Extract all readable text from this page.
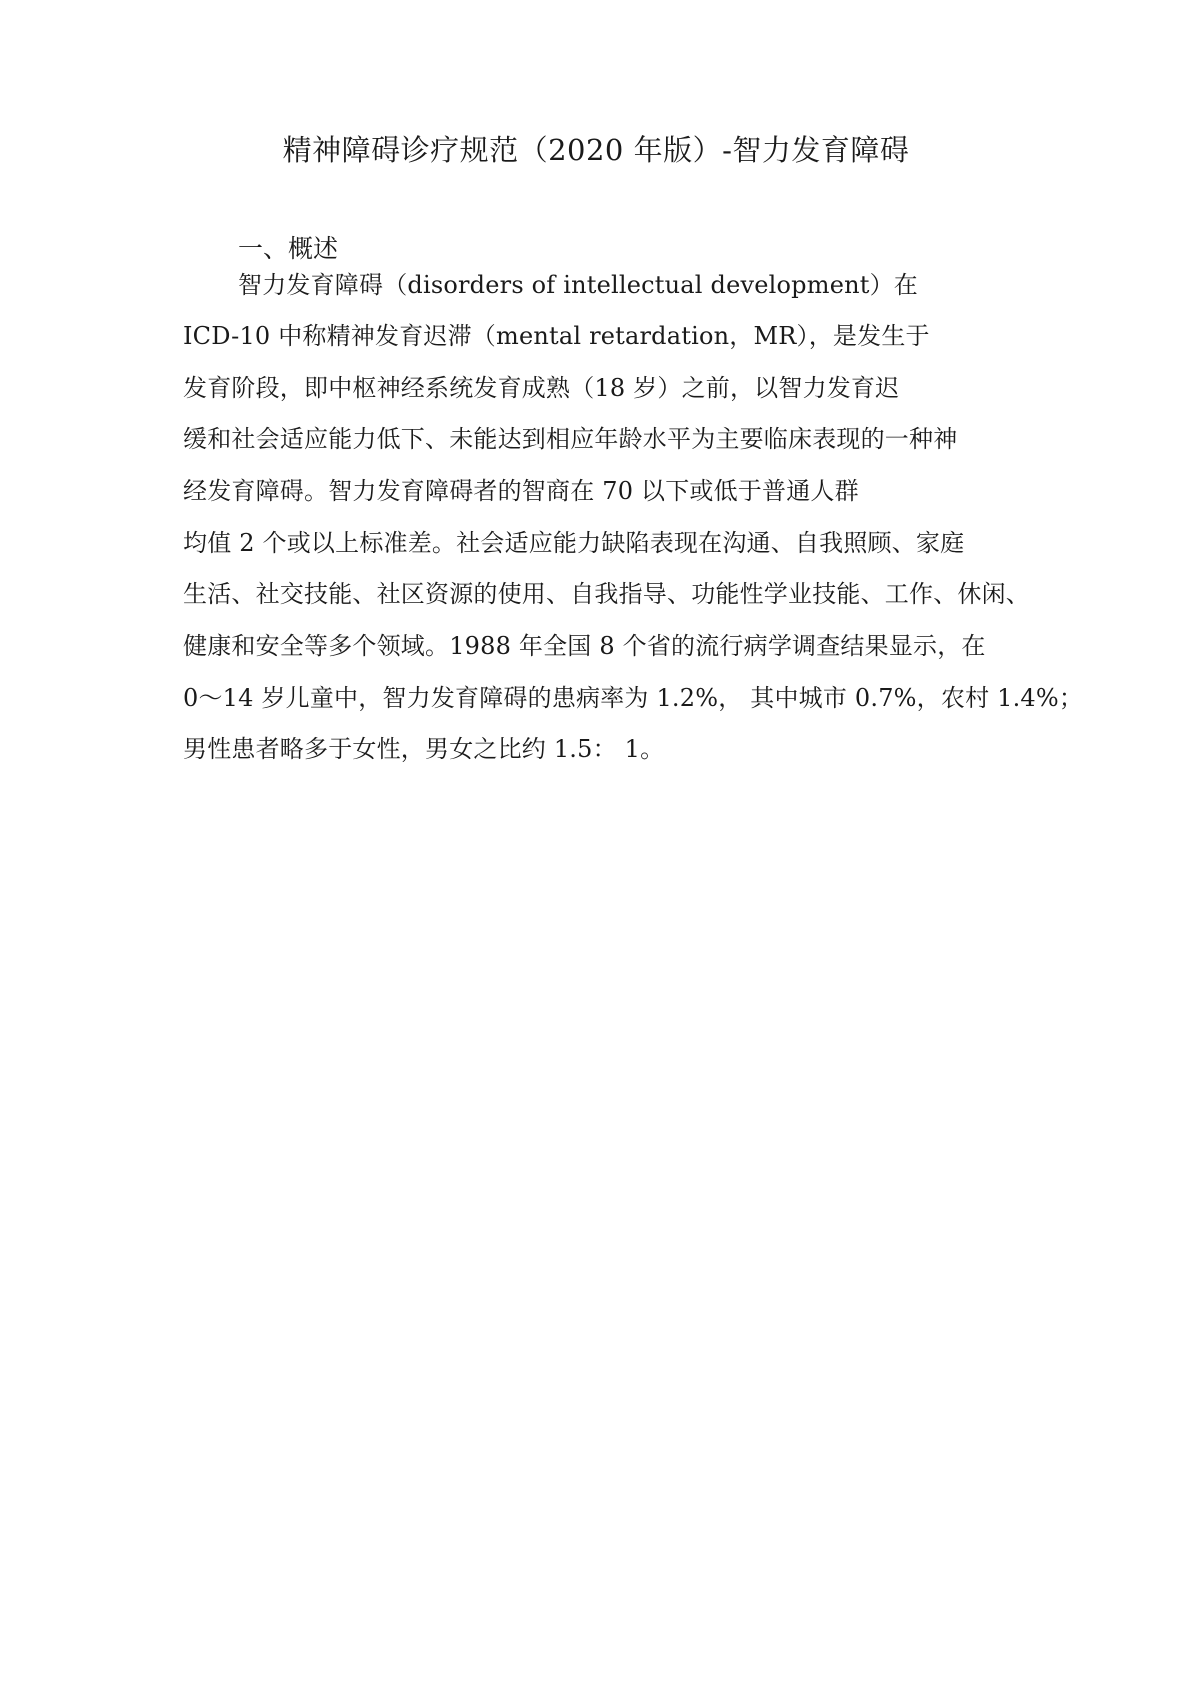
精神障碍诊疗规范（2020 年版）-智力发育障碍
一、概述
智力发育障碍（disorders of intellectual development）在
ICD-10 中称精神发育迟滞（mental retardation，MR），是发生于
发育阶段，即中枢神经系统发育成熟（18 岁）之前，以智力发育迟
缓和社会适应能力低下、未能达到相应年龄水平为主要临床表现的一种神
经发育障碍。智力发育障碍者的智商在 70 以下或低于普通人群
均值 2 个或以上标准差。社会适应能力缺陷表现在沟通、自我照顾、家庭
生活、社交技能、社区资源的使用、自我指导、功能性学业技能、工作、休闲、
健康和安全等多个领域。1988 年全国 8 个省的流行病学调查结果显示，在
0～14 岁儿童中，智力发育障碍的患病率为 1.2%， 其中城市 0.7%，农村 1.4%；
男性患者略多于女性，男女之比约 1.5： 1。
